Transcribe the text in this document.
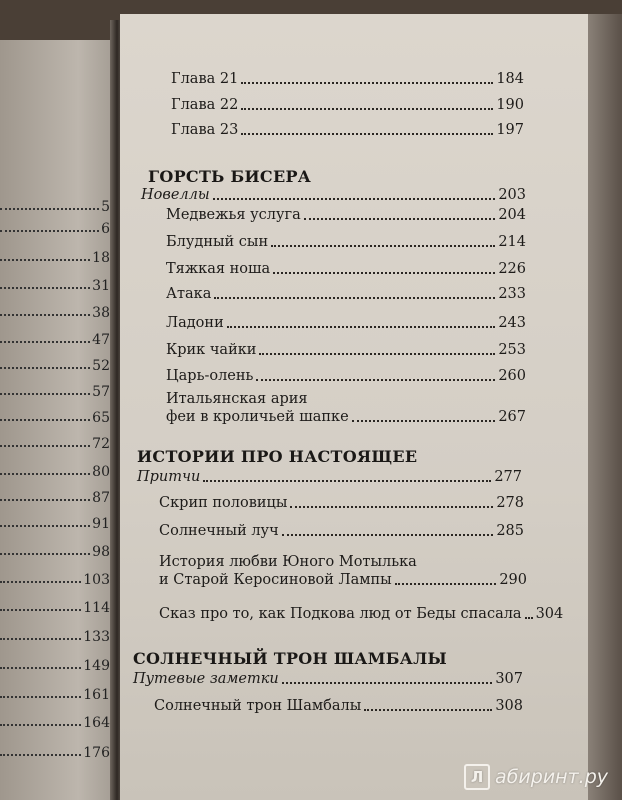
5
6
18
31
38
47
52
57
65
72
80
87
91
98
103
114
133
149
161
164
176
Глава 21	184
Глава 22	190
Глава 23	197
ГОРСТЬ БИСЕРА
Новеллы	203
Медвежья услуга	204
Блудный сын	214
Тяжкая ноша	226
Атака	233
Ладони	243
Крик чайки	253
Царь-олень	260
Итальянская ария
феи в кроличьей шапке	267
ИСТОРИИ ПРО НАСТОЯЩЕЕ
Притчи	277
Скрип половицы	278
Солнечный луч	285
История любви Юного Мотылька
и Старой Керосиновой Лампы	290
Сказ про то, как Подкова люд от Беды спасала 304
СОЛНЕЧНЫЙ ТРОН ШАМБАЛЫ
Путевые заметки	307
Солнечный трон Шамбалы	308
Л абиринт.ру
